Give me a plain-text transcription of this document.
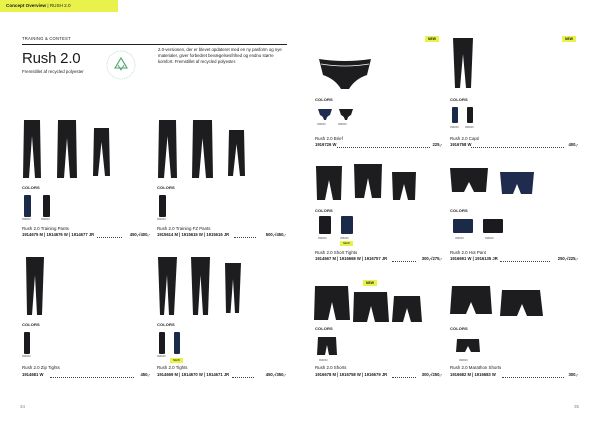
Concept Overview | RUSH 2.0
TRAINING & CONTEST
Rush 2.0
Fremstillet af recycled polyester
2.0-versionen, der er blevet opdateret med en ny pasform og nye materialer, giver forbedret bevægelsesfrihed og endnu større komfort. Fremstillet af recycled polyester.
COLORS
999000	999000
Rush 2.0 Training Pants
1914675 M | 1914676 W | 1914677 JR	450,-/400,-
COLORS
999000
Rush 2.0 Training FZ Pants
1915614 M | 1915615 W | 1915616 JR	500,-/450,-
COLORS
999000
Rush 2.0 Zip Tights
1914681 W	450,-
COLORS
999000
NEW
Rush 2.0 Tights
1914669 M | 1914670 W | 1914671 JR	450,-/350,-
34
NEW
COLORS
396000	999000
Rush 2.0 Brief
1916726 W	225,-
NEW
COLORS
396000 999000
Rush 2.0 Capri
1916758 W	400,-
COLORS
999000	396000
NEW
Rush 2.0 Short Tights
1914667 M | 1916668 W | 1916757 JR	300,-/275,-
COLORS
396000	999000
Rush 2.0 Hot Pant
1916691 W | 1916135 JR	250,-/225,-
NEW
COLORS
999000
Rush 2.0 Shorts
1916678 M | 1916758 W | 1916679 JR	300,-/250,-
COLORS
999000
Rush 2.0 Marathon Shorts
1916682 M | 1916683 W	300,-
35
